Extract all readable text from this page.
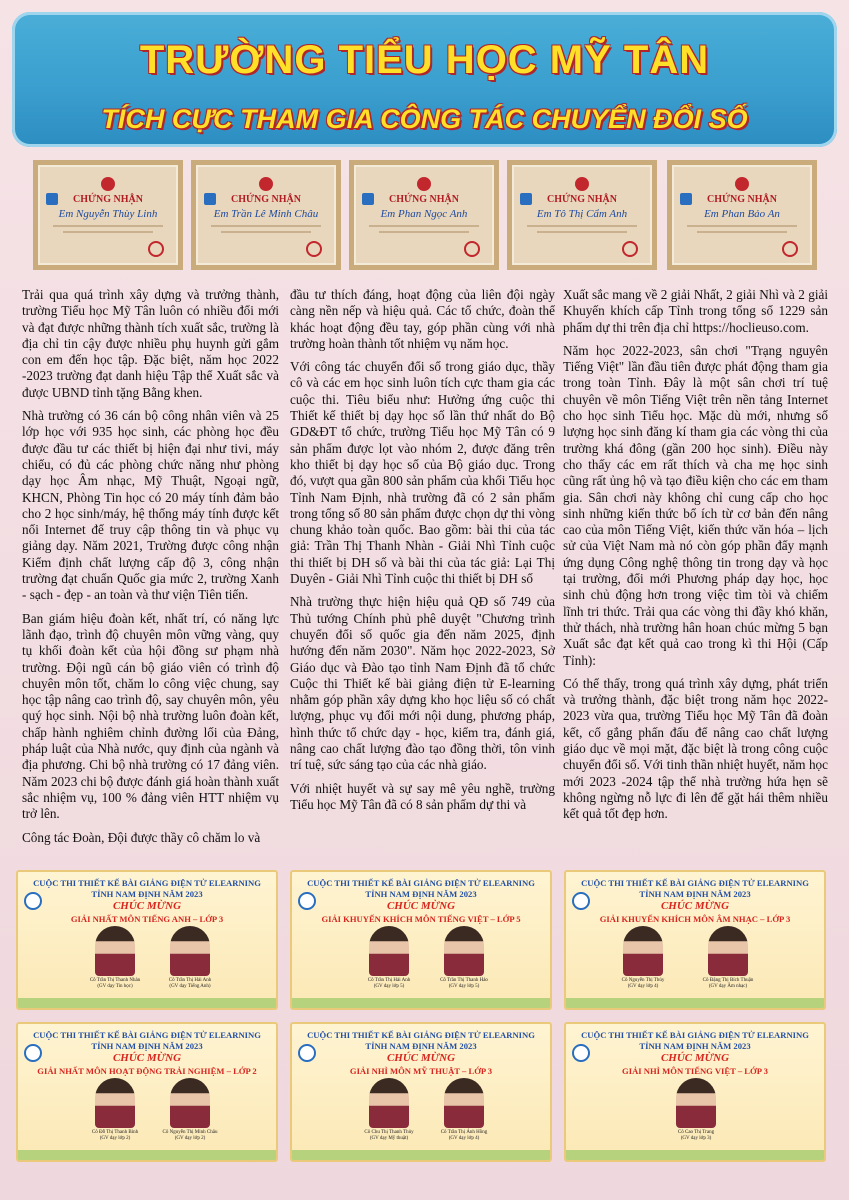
TRƯỜNG TIỂU HỌC MỸ TÂN
TÍCH CỰC THAM GIA CÔNG TÁC CHUYỂN ĐỔI SỐ

CHỨNG NHẬN
Em Nguyễn Thùy Linh

CHỨNG NHẬN
Em Trần Lê Minh Châu

CHỨNG NHẬN
Em Phan Ngọc Anh

CHỨNG NHẬN
Em Tô Thị Cẩm Anh

CHỨNG NHẬN
Em Phan Bảo An

Trải qua quá trình xây dựng và trưởng thành, trường Tiểu học Mỹ Tân luôn có nhiều đổi mới và đạt được những thành tích xuất sắc, trường là địa chỉ tin cậy được nhiều phụ huynh gửi gắm con em đến học tập. Đặc biệt, năm học 2022 -2023 trường đạt danh hiệu Tập thể Xuất sắc và được UBND tỉnh tặng Bằng khen.

Nhà trường có 36 cán bộ công nhân viên và 25 lớp học với 935 học sinh, các phòng học đều được đầu tư các thiết bị hiện đại như tivi, máy chiếu, có đủ các phòng chức năng như phòng dạy học Âm nhạc, Mỹ Thuật, Ngoại ngữ, KHCN, Phòng Tin học có 20 máy tính đảm bảo cho 2 học sinh/máy, hệ thống máy tính được kết nối Internet để truy cập thông tin và phục vụ giảng dạy. Năm 2021, Trường được công nhận Kiểm định chất lượng cấp độ 3, công nhận trường đạt chuẩn Quốc gia mức 2, trường Xanh - sạch - đẹp - an toàn và thư viện Tiên tiến.

Ban giám hiệu đoàn kết, nhất trí, có năng lực lãnh đạo, trình độ chuyên môn vững vàng, quy tụ khối đoàn kết của hội đồng sư phạm nhà trường. Đội ngũ cán bộ giáo viên có trình độ chuyên môn tốt, chăm lo công việc chung, say học tập nâng cao trình độ, say chuyên môn, yêu quý học sinh. Nội bộ nhà trường luôn đoàn kết, chấp hành nghiêm chỉnh đường lối của Đảng, pháp luật của Nhà nước, quy định của ngành và địa phương. Chi bộ nhà trường có 17 đảng viên. Năm 2023 chi bộ được đánh giá hoàn thành xuất sắc nhiệm vụ, 100 % đảng viên HTT nhiệm vụ trở lên.

Công tác Đoàn, Đội được thầy cô chăm lo và

đầu tư thích đáng, hoạt động của liên đội ngày càng nền nếp và hiệu quả. Các tổ chức, đoàn thể khác hoạt động đều tay, góp phần cùng với nhà trường hoàn thành tốt nhiệm vụ năm học.

Với công tác chuyển đổi số trong giáo dục, thầy cô và các em học sinh luôn tích cực tham gia các cuộc thi. Tiêu biểu như: Hưởng ứng cuộc thi Thiết kế thiết bị dạy học số lần thứ nhất do Bộ GD&ĐT tổ chức, trường Tiểu học Mỹ Tân có 9 sản phẩm được lọt vào nhóm 2, được đăng trên kho thiết bị dạy học số của Bộ giáo dục. Trong đó, vượt qua gần 800 sản phẩm của khối Tiểu học Tỉnh Nam Định, nhà trường đã có 2 sản phẩm trong tổng số 80 sản phẩm được chọn dự thi vòng chung khảo toàn quốc. Bao gồm: bài thi của tác giả: Trần Thị Thanh Nhàn - Giải Nhì Tỉnh cuộc thi thiết bị DH số và bài thi của tác giả: Lại Thị Duyên - Giải Nhì Tỉnh cuộc thi thiết bị DH số

Nhà trường thực hiện hiệu quả QĐ số 749 của Thủ tướng Chính phủ phê duyệt "Chương trình chuyển đổi số quốc gia đến năm 2025, định hướng đến năm 2030". Năm học 2022-2023, Sở Giáo dục và Đào tạo tỉnh Nam Định đã tổ chức Cuộc thi Thiết kế bài giảng điện tử E-learning nhằm góp phần xây dựng kho học liệu số có chất lượng, phục vụ đổi mới nội dung, phương pháp, hình thức tổ chức dạy - học, kiểm tra, đánh giá, nâng cao chất lượng đào tạo đồng thời, tôn vinh trí tuệ, sức sáng tạo của các nhà giáo.

Với nhiệt huyết và sự say mê yêu nghề, trường Tiểu học Mỹ Tân đã có 8 sản phẩm dự thi và

Xuất sắc mang về 2 giải Nhất, 2 giải Nhì và 2 giải Khuyến khích cấp Tỉnh trong tổng số 1229 sản phẩm dự thi trên địa chỉ https://hoclieuso.com.

Năm học 2022-2023, sân chơi "Trạng nguyên Tiếng Việt" lần đầu tiên được phát động tham gia trong toàn Tỉnh. Đây là một sân chơi trí tuệ chuyên về môn Tiếng Việt trên nền tảng Internet cho học sinh Tiểu học. Mặc dù mới, nhưng số lượng học sinh đăng kí tham gia các vòng thi của trường khá đông (gần 200 học sinh). Điều này cho thấy các em rất thích và cha mẹ học sinh cũng rất ủng hộ và tạo điều kiện cho các em tham gia. Sân chơi này không chỉ cung cấp cho học sinh những kiến thức bổ ích từ cơ bản đến nâng cao của môn Tiếng Việt, kiến thức văn hóa – lịch sử của Việt Nam mà nó còn góp phần đẩy mạnh ứng dụng Công nghệ thông tin trong dạy và học tại trường, đổi mới Phương pháp dạy học, học sinh chủ động hơn trong việc tìm tòi và chiếm lĩnh tri thức. Trải qua các vòng thi đầy khó khăn, thử thách, nhà trường hân hoan chúc mừng 5 bạn Xuất sắc đạt kết quả cao trong kì thi Hội (Cấp Tỉnh):

Có thể thấy, trong quá trình xây dựng, phát triển và trưởng thành, đặc biệt trong năm học 2022-2023 vừa qua, trường Tiểu học Mỹ Tân đã đoàn kết, cố gắng phấn đấu để nâng cao chất lượng giáo dục về mọi mặt, đặc biệt là trong công cuộc chuyển đổi số. Với tinh thần nhiệt huyết, năm học mới 2023 -2024 tập thể nhà trường hứa hẹn sẽ không ngừng nỗ lực đi lên để gặt hái thêm nhiều kết quả tốt đẹp hơn.

CUỘC THI THIẾT KẾ BÀI GIẢNG ĐIỆN TỬ ELEARNING
TỈNH NAM ĐỊNH NĂM 2023
CHÚC MỪNG
GIẢI NHẤT MÔN TIẾNG ANH – LỚP 3
Cô Trần Thị Thanh Nhàn
(GV dạy Tin học)
Cô Trần Thị Hải Anh
(GV dạy Tiếng Anh)
CUỘC THI THIẾT KẾ BÀI GIẢNG ĐIỆN TỬ ELEARNING
TỈNH NAM ĐỊNH NĂM 2023
CHÚC MỪNG
GIẢI KHUYẾN KHÍCH MÔN TIẾNG VIỆT – LỚP 5
Cô Trần Thị Hải Anh
(GV dạy lớp 5)
Cô Trần Thị Thanh Hảo
(GV dạy lớp 5)
CUỘC THI THIẾT KẾ BÀI GIẢNG ĐIỆN TỬ ELEARNING
TỈNH NAM ĐỊNH NĂM 2023
CHÚC MỪNG
GIẢI KHUYẾN KHÍCH MÔN ÂM NHẠC – LỚP 3
Cô Nguyễn Thị Thủy
(GV dạy lớp 4)
Cô Đặng Thị Bích Thuận
(GV dạy Âm nhạc)
CUỘC THI THIẾT KẾ BÀI GIẢNG ĐIỆN TỬ ELEARNING
TỈNH NAM ĐỊNH NĂM 2023
CHÚC MỪNG
GIẢI NHẤT MÔN HOẠT ĐỘNG TRẢI NGHIỆM – LỚP 2
Cô Đỗ Thị Thanh Bình
(GV dạy lớp 2)
Cô Nguyễn Thị Minh Châu
(GV dạy lớp 2)
CUỘC THI THIẾT KẾ BÀI GIẢNG ĐIỆN TỬ ELEARNING
TỈNH NAM ĐỊNH NĂM 2023
CHÚC MỪNG
GIẢI NHÌ MÔN MỸ THUẬT – LỚP 3
Cô Chu Thị Thanh Thủy
(GV dạy Mỹ thuật)
Cô Trần Thị Ánh Hồng
(GV dạy lớp 4)
CUỘC THI THIẾT KẾ BÀI GIẢNG ĐIỆN TỬ ELEARNING
TỈNH NAM ĐỊNH NĂM 2023
CHÚC MỪNG
GIẢI NHÌ MÔN TIẾNG VIỆT – LỚP 3
Cô Cao Thị Trang
(GV dạy lớp 3)
